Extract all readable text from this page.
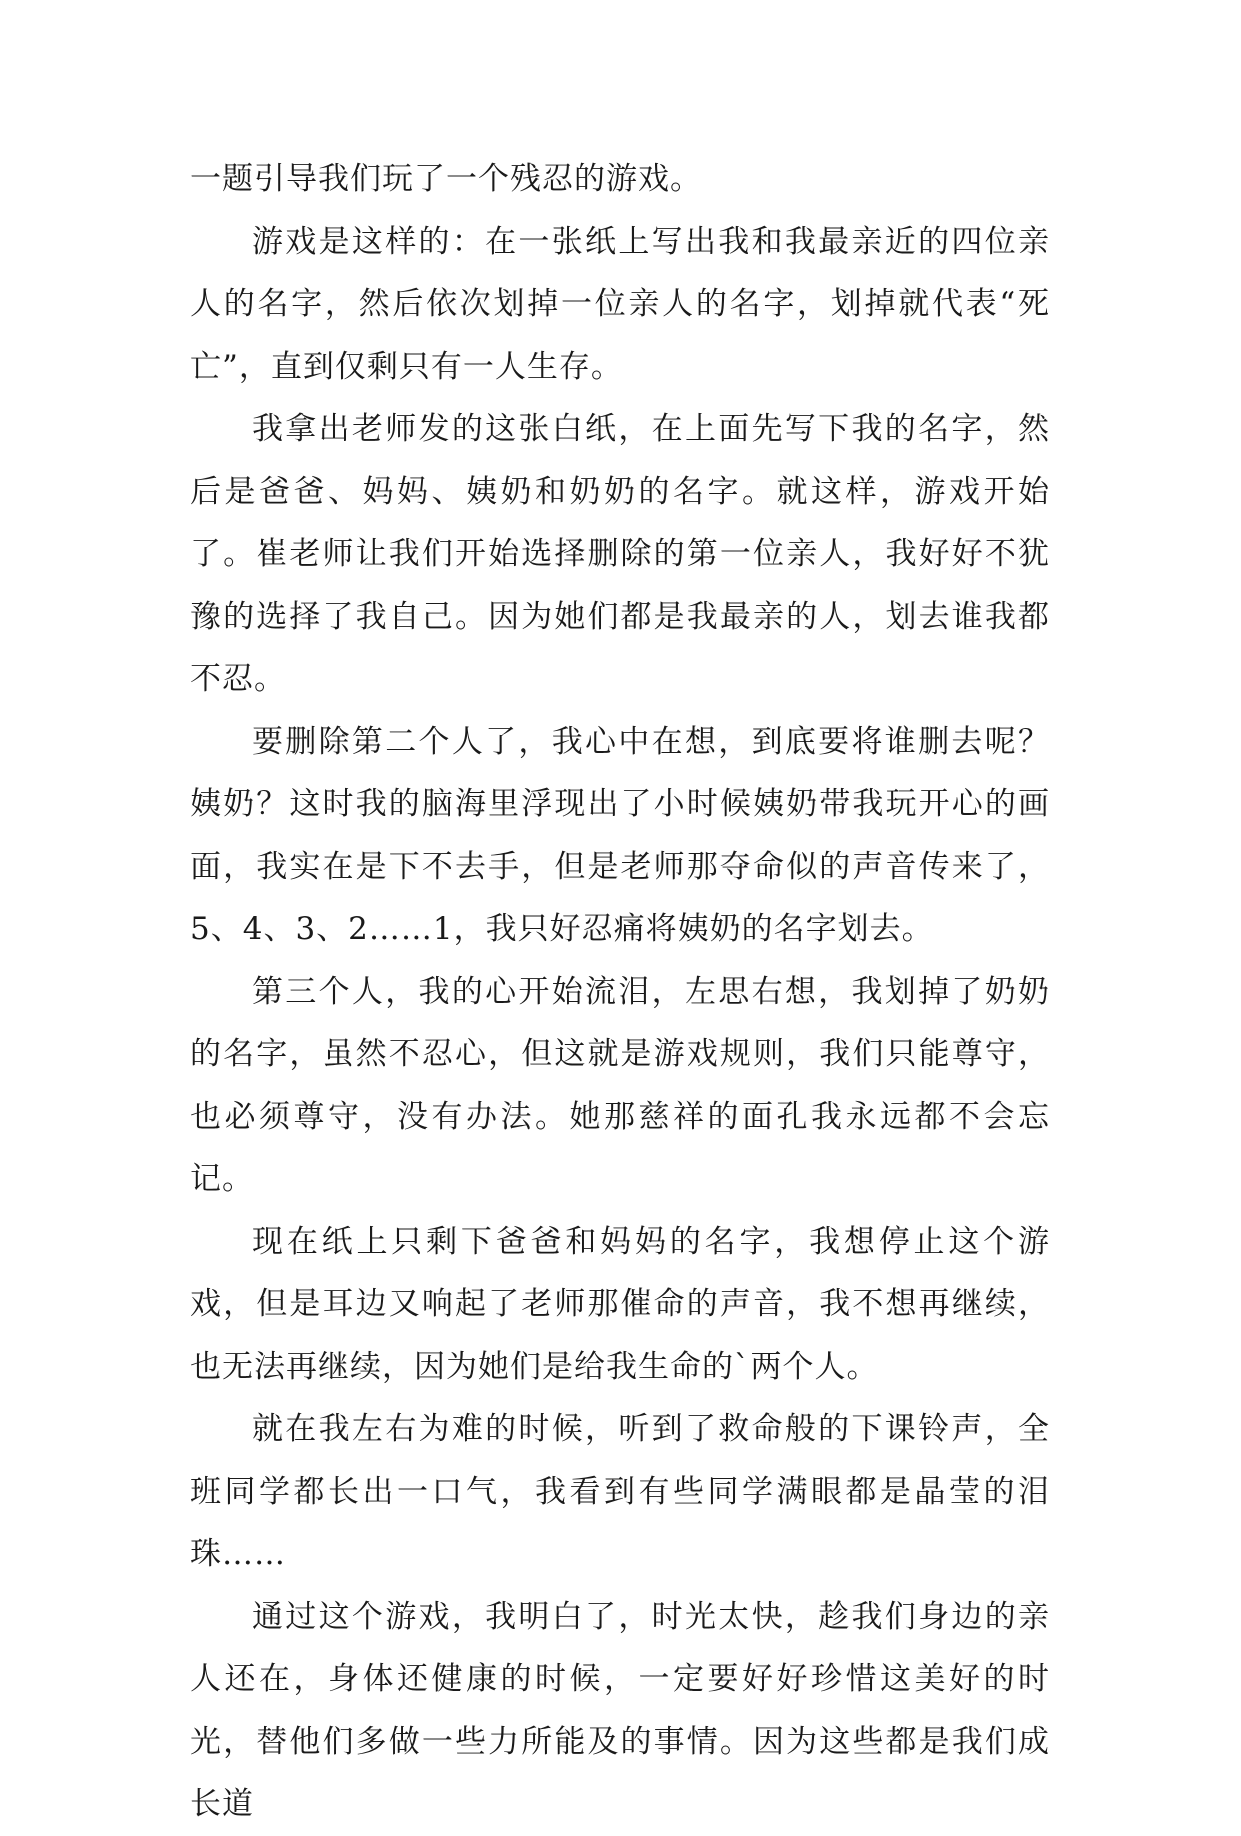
一题引导我们玩了一个残忍的游戏。

游戏是这样的：在一张纸上写出我和我最亲近的四位亲人的名字，然后依次划掉一位亲人的名字，划掉就代表“死亡”，直到仅剩只有一人生存。

我拿出老师发的这张白纸，在上面先写下我的名字，然后是爸爸、妈妈、姨奶和奶奶的名字。就这样，游戏开始了。崔老师让我们开始选择删除的第一位亲人，我好好不犹豫的选择了我自己。因为她们都是我最亲的人，划去谁我都不忍。

要删除第二个人了，我心中在想，到底要将谁删去呢？姨奶？这时我的脑海里浮现出了小时候姨奶带我玩开心的画面，我实在是下不去手，但是老师那夺命似的声音传来了，5、4、3、2……1，我只好忍痛将姨奶的名字划去。

第三个人，我的心开始流泪，左思右想，我划掉了奶奶的名字，虽然不忍心，但这就是游戏规则，我们只能尊守，也必须尊守，没有办法。她那慈祥的面孔我永远都不会忘记。

现在纸上只剩下爸爸和妈妈的名字，我想停止这个游戏，但是耳边又响起了老师那催命的声音，我不想再继续，也无法再继续，因为她们是给我生命的`两个人。

就在我左右为难的时候，听到了救命般的下课铃声，全班同学都长出一口气，我看到有些同学满眼都是晶莹的泪珠……

通过这个游戏，我明白了，时光太快，趁我们身边的亲人还在，身体还健康的时候，一定要好好珍惜这美好的时光，替他们多做一些力所能及的事情。因为这些都是我们成长道
